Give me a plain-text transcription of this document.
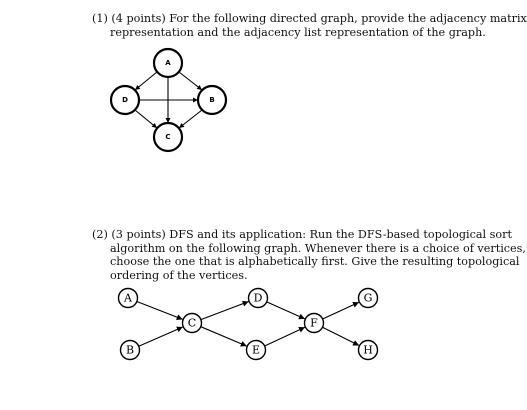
(1) (4 points) For the following directed graph, provide the adjacency matrix
representation and the adjacency list representation of the graph.
A
B
C
D
(2) (3 points) DFS and its application: Run the DFS-based topological sort
algorithm on the following graph. Whenever there is a choice of vertices,
choose the one that is alphabetically first. Give the resulting topological
ordering of the vertices.
A
B
C
D
E
F
G
H
